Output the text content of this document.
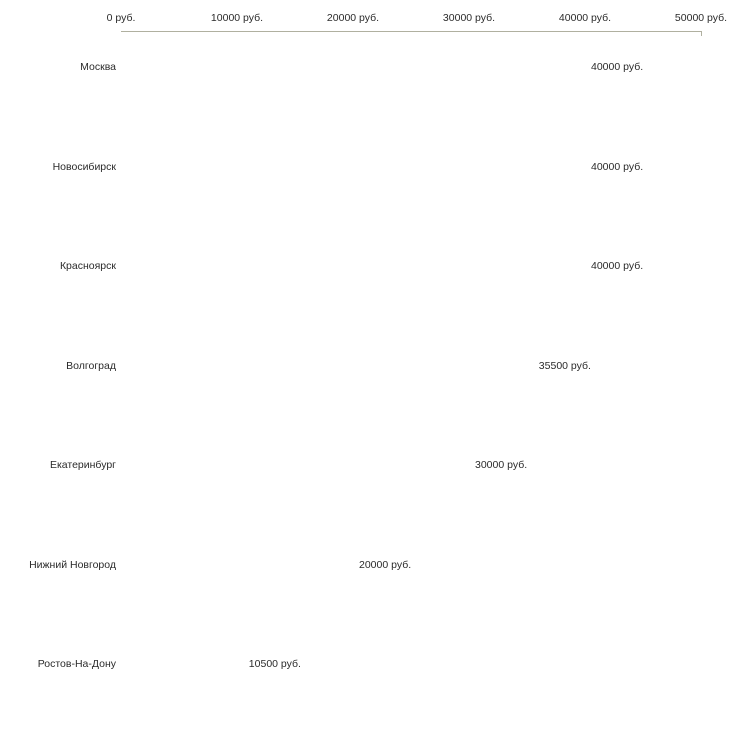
0 руб.	10000 руб.	20000 руб.	30000 руб.	40000 руб.	50000 руб.
40000 руб.
40000 руб.
40000 руб.
35500 руб.
30000 руб.
20000 руб.
10500 руб.
Москва
Новосибирск
Красноярск
Волгоград
Екатеринбург
Нижний Новгород
Ростов-На-Дону
